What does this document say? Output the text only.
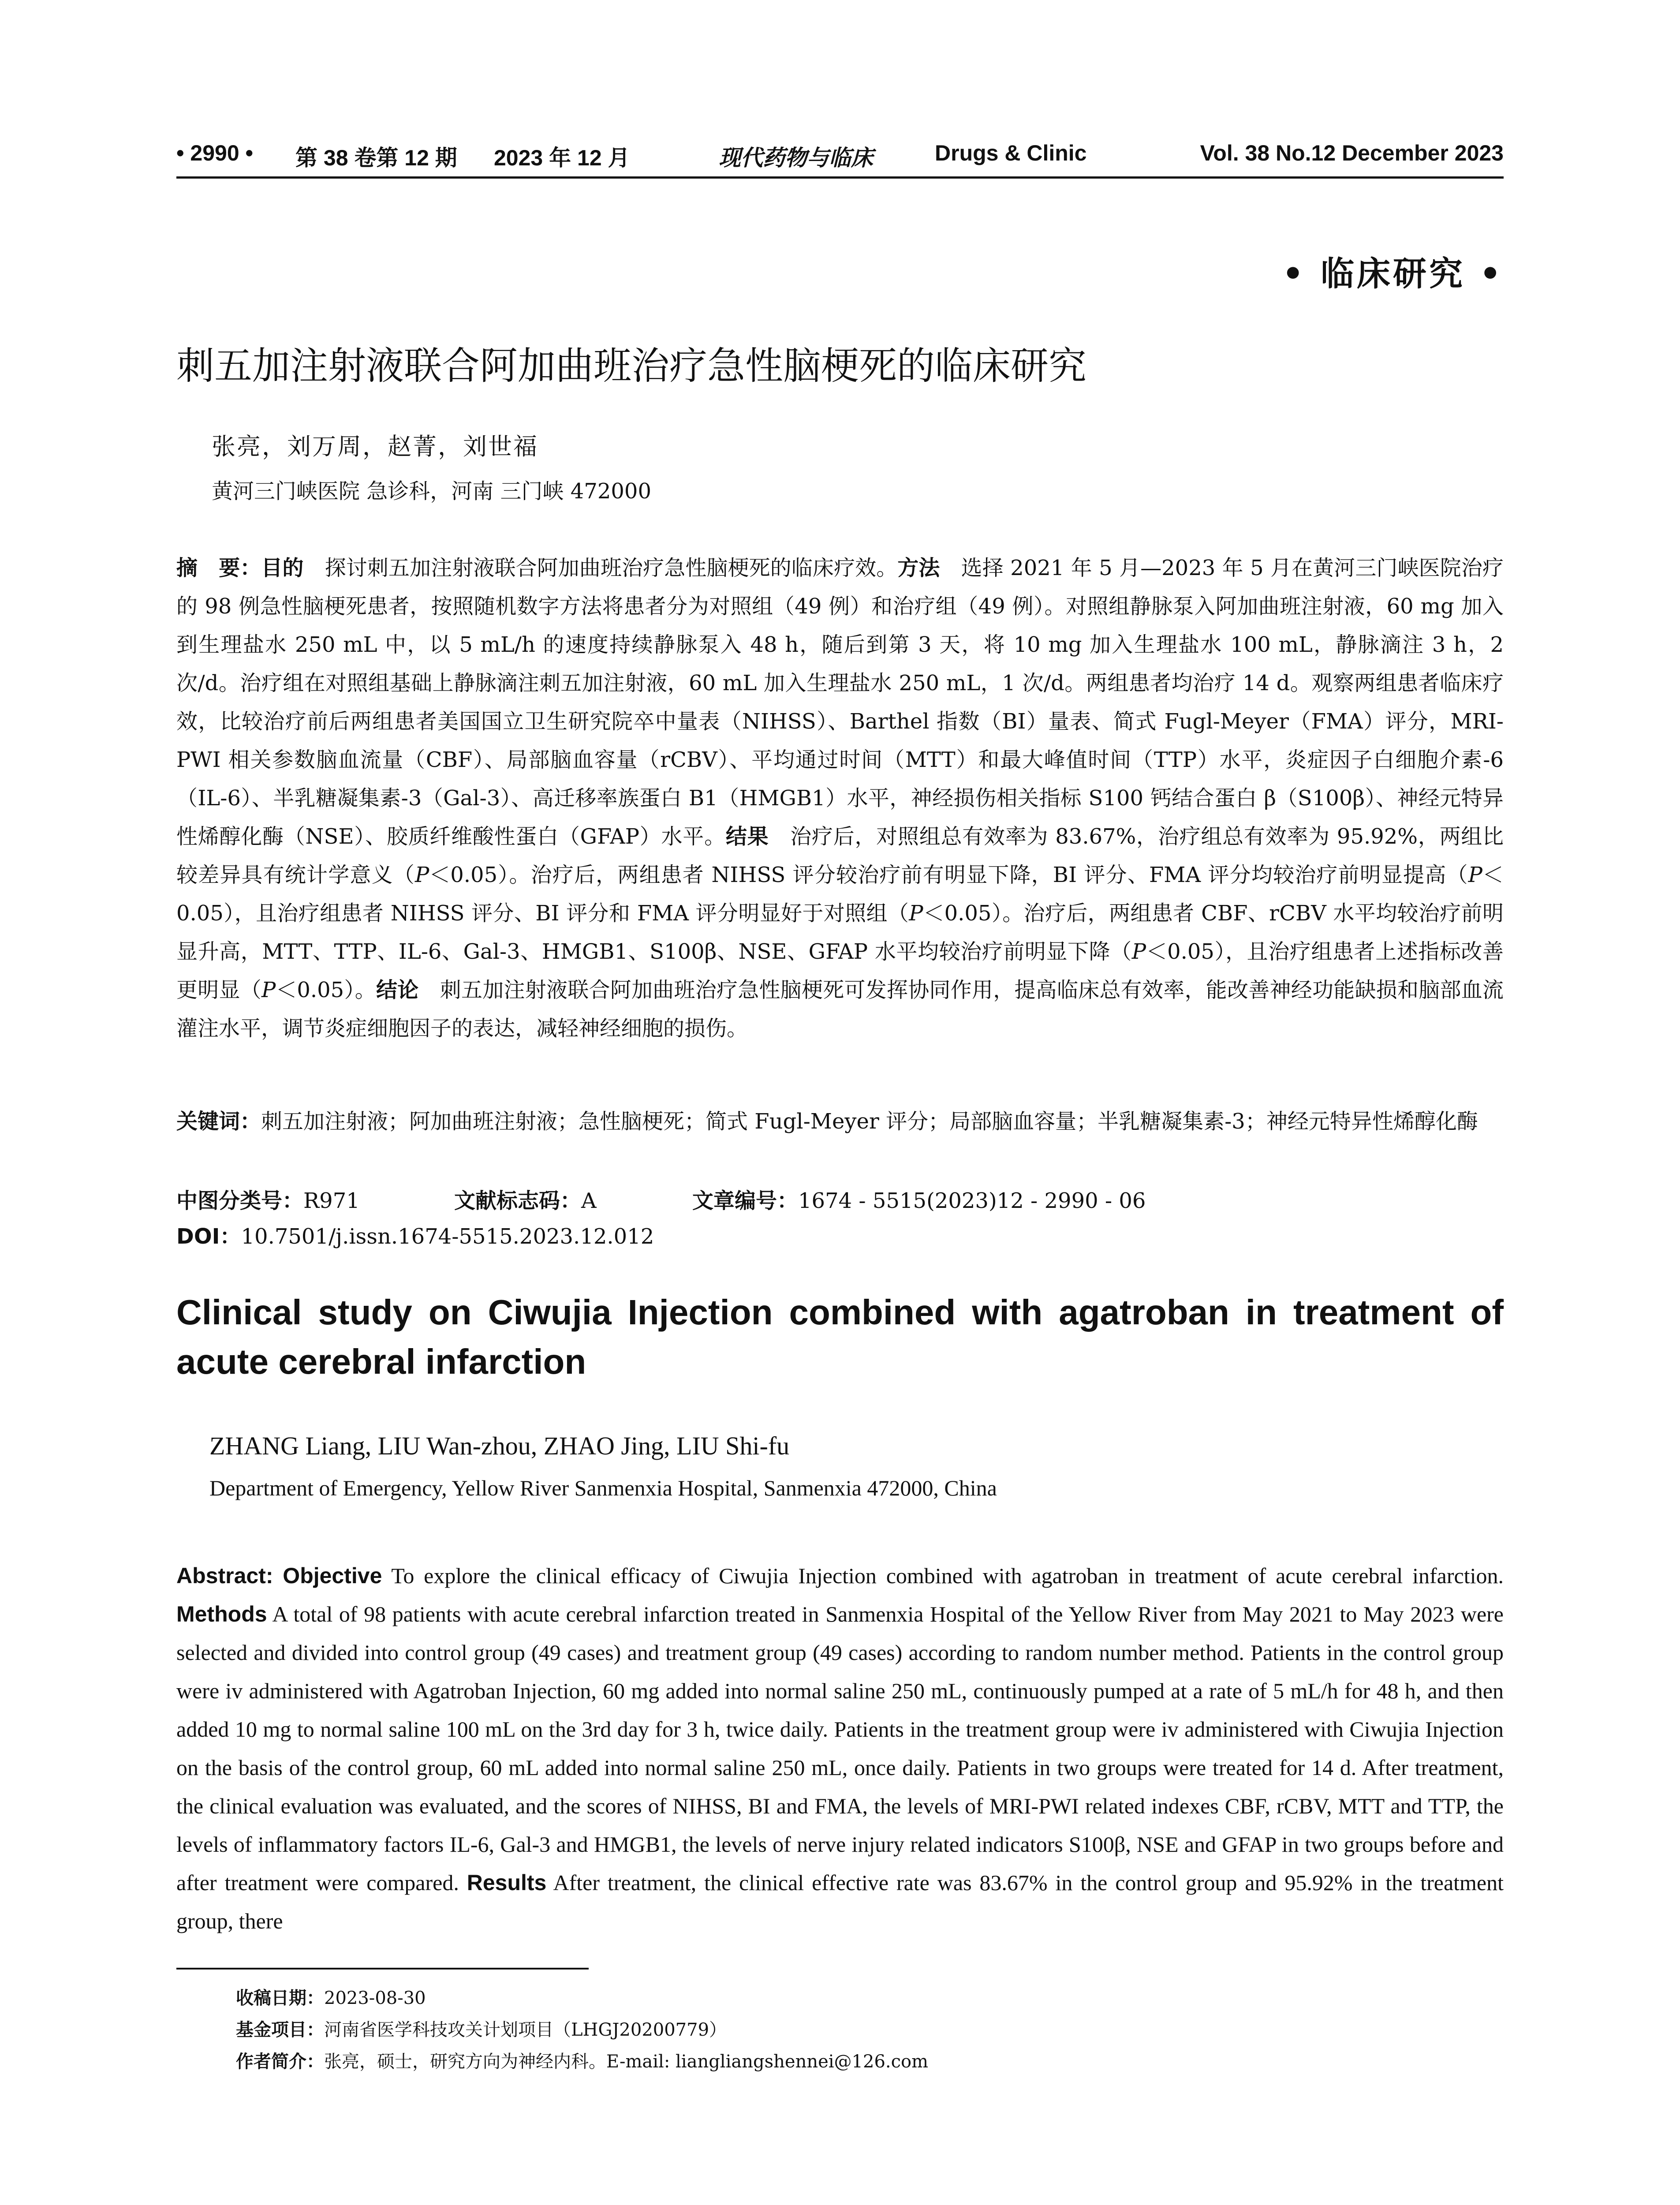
• 2990 • 第 38 卷第 12 期 2023 年 12 月	现代药物与临床	Drugs & Clinic	Vol. 38 No.12 December 2023
• 临床研究 •
刺五加注射液联合阿加曲班治疗急性脑梗死的临床研究
张亮，刘万周，赵菁，刘世福
黄河三门峡医院 急诊科，河南 三门峡 472000
摘　要：目的　探讨刺五加注射液联合阿加曲班治疗急性脑梗死的临床疗效。方法　选择 2021 年 5 月—2023 年 5 月在黄河三门峡医院治疗的 98 例急性脑梗死患者，按照随机数字方法将患者分为对照组（49 例）和治疗组（49 例）。对照组静脉泵入阿加曲班注射液，60 mg 加入到生理盐水 250 mL 中，以 5 mL/h 的速度持续静脉泵入 48 h，随后到第 3 天，将 10 mg 加入生理盐水 100 mL，静脉滴注 3 h，2 次/d。治疗组在对照组基础上静脉滴注刺五加注射液，60 mL 加入生理盐水 250 mL，1 次/d。两组患者均治疗 14 d。观察两组患者临床疗效，比较治疗前后两组患者美国国立卫生研究院卒中量表（NIHSS）、Barthel 指数（BI）量表、简式 Fugl-Meyer（FMA）评分，MRI-PWI 相关参数脑血流量（CBF）、局部脑血容量（rCBV）、平均通过时间（MTT）和最大峰值时间（TTP）水平，炎症因子白细胞介素-6（IL-6）、半乳糖凝集素-3（Gal-3）、高迁移率族蛋白 B1（HMGB1）水平，神经损伤相关指标 S100 钙结合蛋白 β（S100β）、神经元特异性烯醇化酶（NSE）、胶质纤维酸性蛋白（GFAP）水平。结果　治疗后，对照组总有效率为 83.67%，治疗组总有效率为 95.92%，两组比较差异具有统计学意义（P＜0.05）。治疗后，两组患者 NIHSS 评分较治疗前有明显下降，BI 评分、FMA 评分均较治疗前明显提高（P＜0.05），且治疗组患者 NIHSS 评分、BI 评分和 FMA 评分明显好于对照组（P＜0.05）。治疗后，两组患者 CBF、rCBV 水平均较治疗前明显升高，MTT、TTP、IL-6、Gal-3、HMGB1、S100β、NSE、GFAP 水平均较治疗前明显下降（P＜0.05），且治疗组患者上述指标改善更明显（P＜0.05）。结论　刺五加注射液联合阿加曲班治疗急性脑梗死可发挥协同作用，提高临床总有效率，能改善神经功能缺损和脑部血流灌注水平，调节炎症细胞因子的表达，减轻神经细胞的损伤。
关键词：刺五加注射液；阿加曲班注射液；急性脑梗死；简式 Fugl-Meyer 评分；局部脑血容量；半乳糖凝集素-3；神经元特异性烯醇化酶
中图分类号：R971	文献标志码：A	文章编号：1674 - 5515(2023)12 - 2990 - 06
DOI：10.7501/j.issn.1674-5515.2023.12.012
Clinical study on Ciwujia Injection combined with agatroban in treatment of acute cerebral infarction
ZHANG Liang, LIU Wan-zhou, ZHAO Jing, LIU Shi-fu
Department of Emergency, Yellow River Sanmenxia Hospital, Sanmenxia 472000, China
Abstract: Objective To explore the clinical efficacy of Ciwujia Injection combined with agatroban in treatment of acute cerebral infarction. Methods A total of 98 patients with acute cerebral infarction treated in Sanmenxia Hospital of the Yellow River from May 2021 to May 2023 were selected and divided into control group (49 cases) and treatment group (49 cases) according to random number method. Patients in the control group were iv administered with Agatroban Injection, 60 mg added into normal saline 250 mL, continuously pumped at a rate of 5 mL/h for 48 h, and then added 10 mg to normal saline 100 mL on the 3rd day for 3 h, twice daily. Patients in the treatment group were iv administered with Ciwujia Injection on the basis of the control group, 60 mL added into normal saline 250 mL, once daily. Patients in two groups were treated for 14 d. After treatment, the clinical evaluation was evaluated, and the scores of NIHSS, BI and FMA, the levels of MRI-PWI related indexes CBF, rCBV, MTT and TTP, the levels of inflammatory factors IL-6, Gal-3 and HMGB1, the levels of nerve injury related indicators S100β, NSE and GFAP in two groups before and after treatment were compared. Results After treatment, the clinical effective rate was 83.67% in the control group and 95.92% in the treatment group, there
收稿日期：2023-08-30
基金项目：河南省医学科技攻关计划项目（LHGJ20200779）
作者简介：张亮，硕士，研究方向为神经内科。E-mail: liangliangshennei@126.com
